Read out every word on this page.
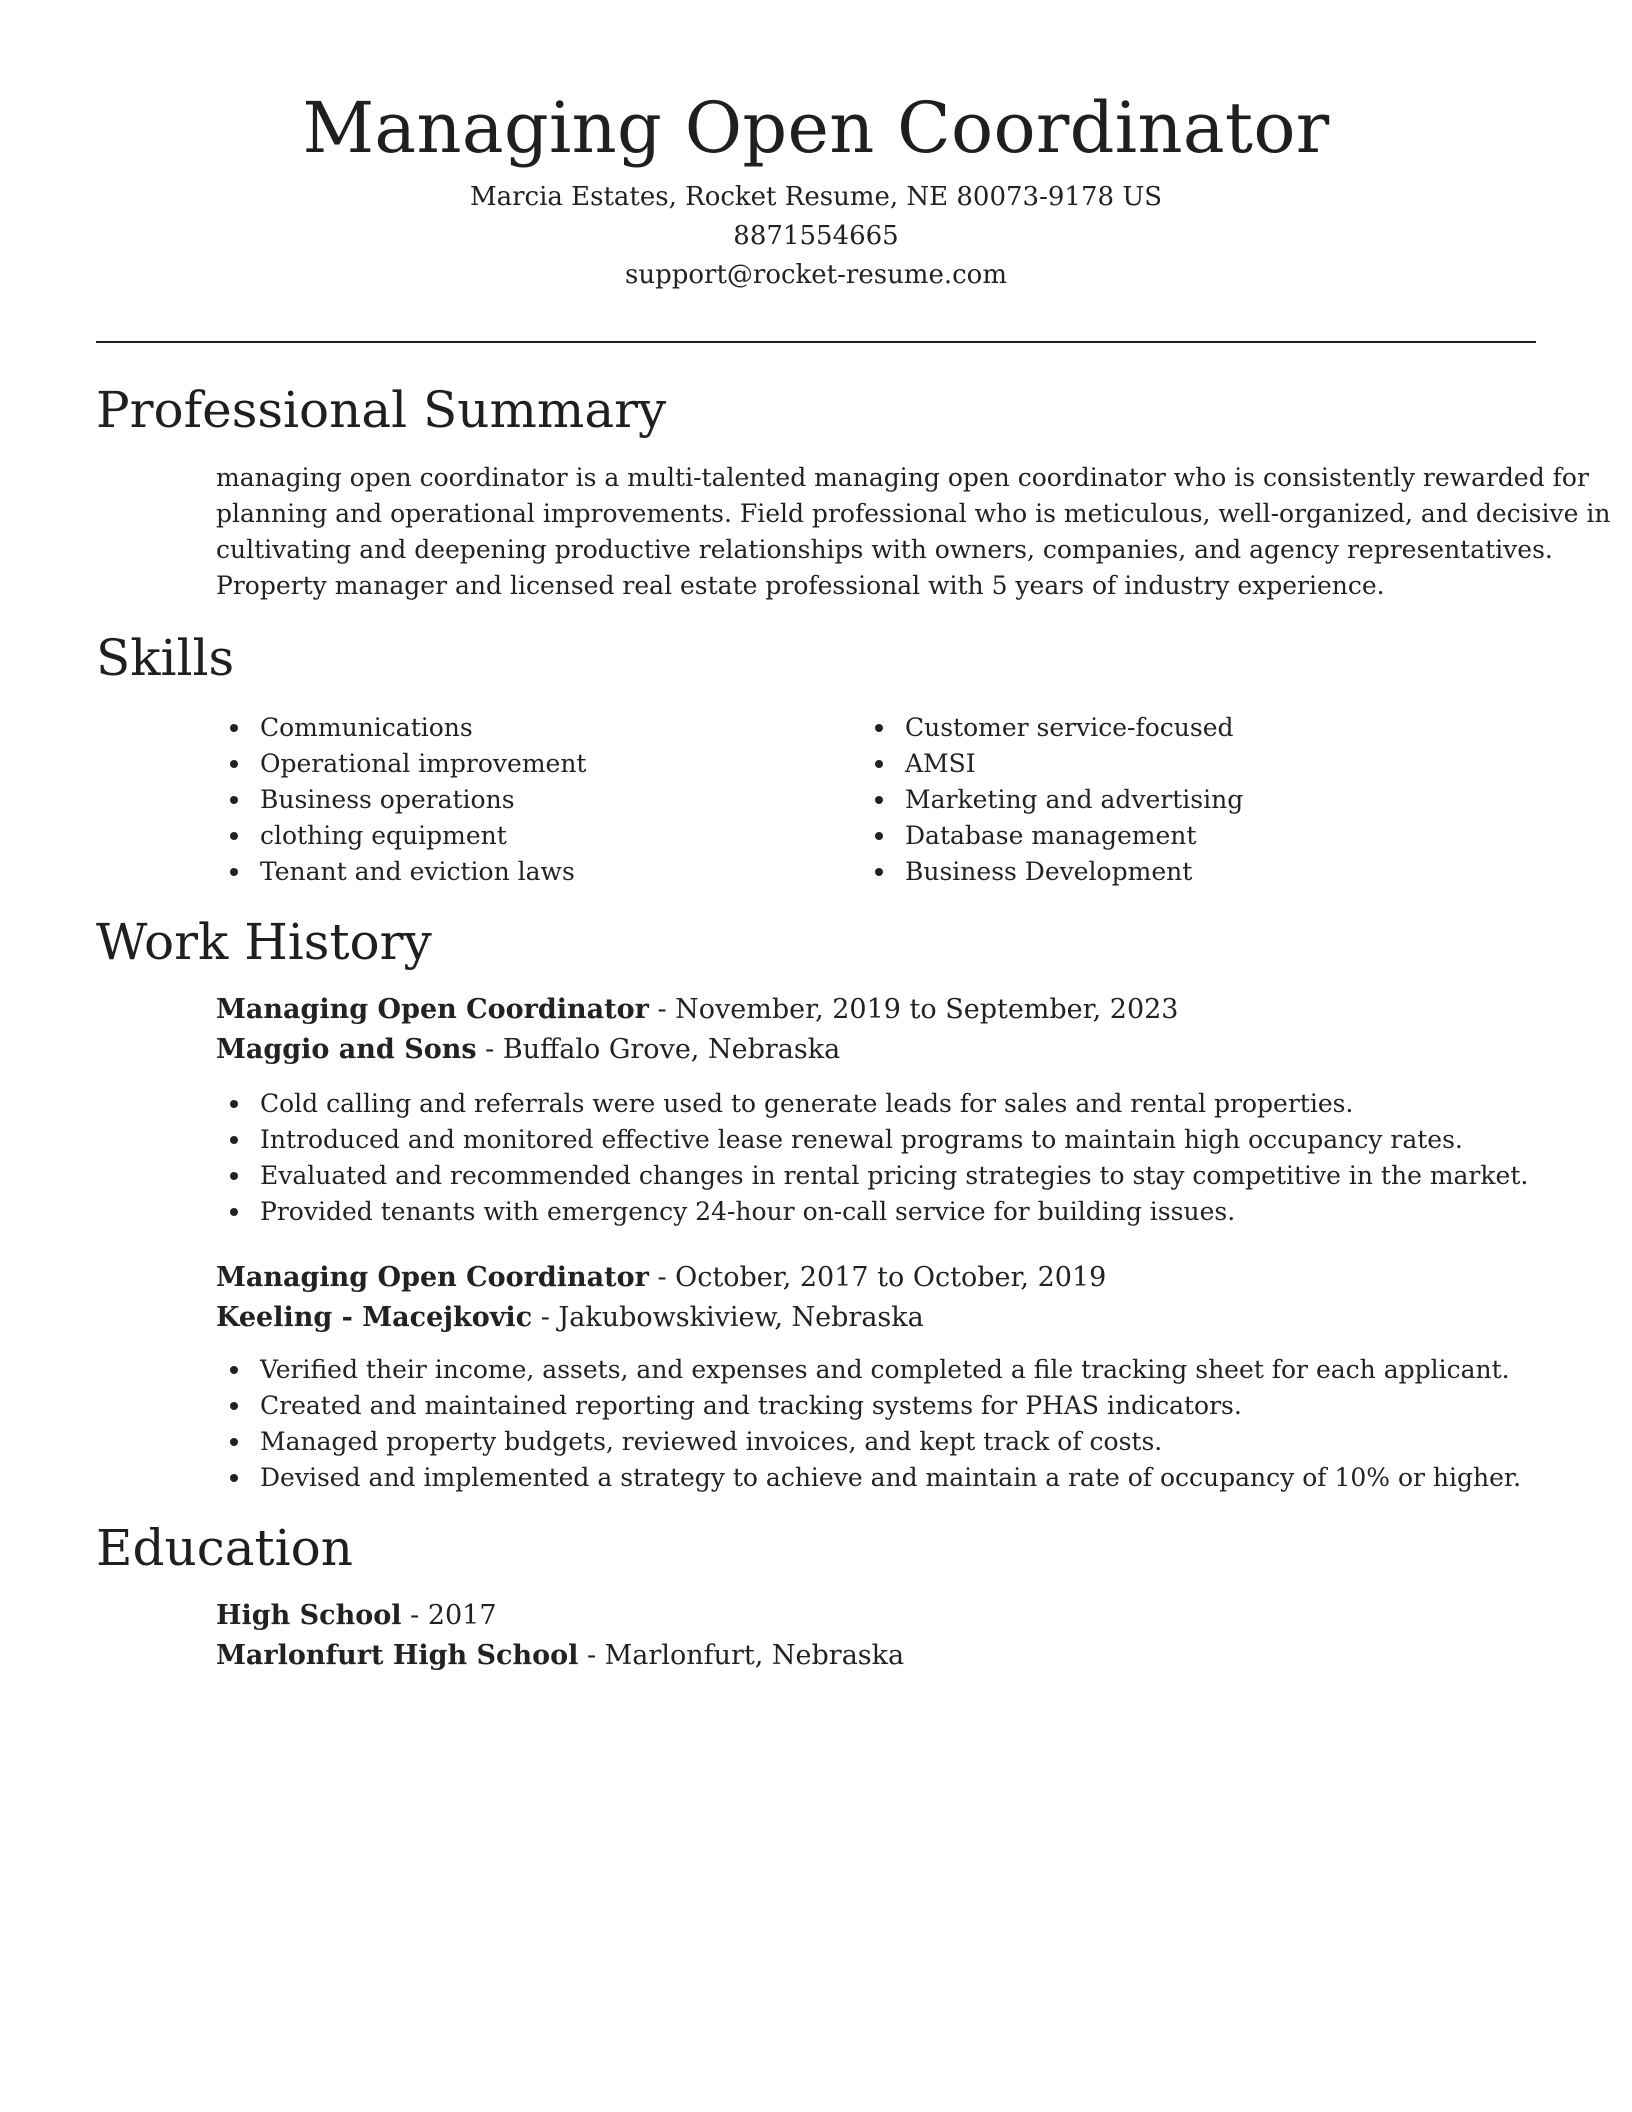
Managing Open Coordinator
Marcia Estates, Rocket Resume, NE 80073-9178 US
8871554665
support@rocket-resume.com
Professional Summary
managing open coordinator is a multi-talented managing open coordinator who is consistently rewarded for
planning and operational improvements. Field professional who is meticulous, well-organized, and decisive in
cultivating and deepening productive relationships with owners, companies, and agency representatives.
Property manager and licensed real estate professional with 5 years of industry experience.
Skills
Communications
Operational improvement
Business operations
clothing equipment
Tenant and eviction laws
Customer service-focused
AMSI
Marketing and advertising
Database management
Business Development
Work History
Managing Open Coordinator - November, 2019 to September, 2023
Maggio and Sons - Buffalo Grove, Nebraska
Cold calling and referrals were used to generate leads for sales and rental properties.
Introduced and monitored effective lease renewal programs to maintain high occupancy rates.
Evaluated and recommended changes in rental pricing strategies to stay competitive in the market.
Provided tenants with emergency 24-hour on-call service for building issues.
Managing Open Coordinator - October, 2017 to October, 2019
Keeling - Macejkovic - Jakubowskiview, Nebraska
Verified their income, assets, and expenses and completed a file tracking sheet for each applicant.
Created and maintained reporting and tracking systems for PHAS indicators.
Managed property budgets, reviewed invoices, and kept track of costs.
Devised and implemented a strategy to achieve and maintain a rate of occupancy of 10% or higher.
Education
High School - 2017
Marlonfurt High School - Marlonfurt, Nebraska
